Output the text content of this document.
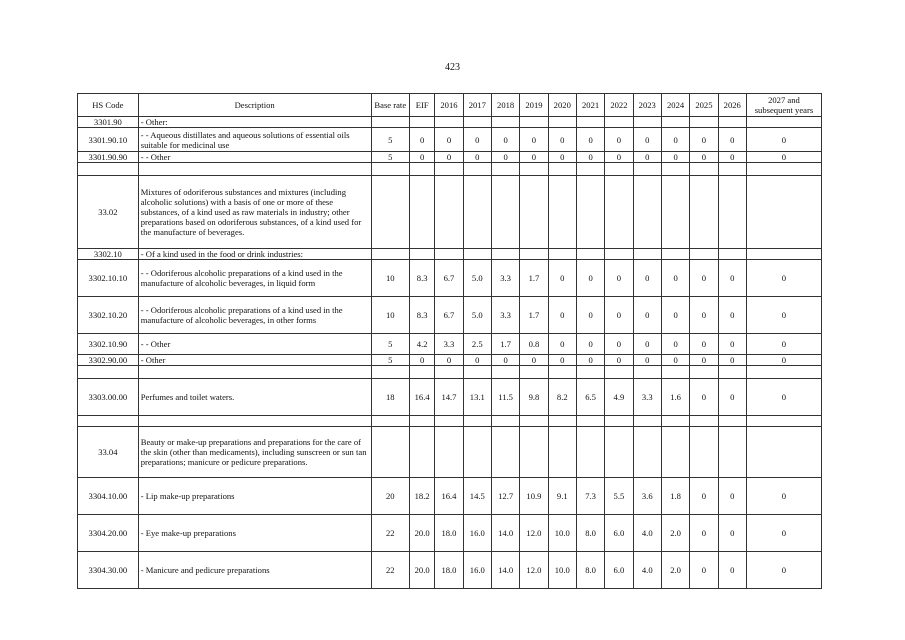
423
HS Code	Description	Base rate	EIF	2016	2017	2018	2019	2020	2021	2022	2023	2024	2025	2026	2027 and subsequent years
3301.90	- Other:														
3301.90.10	- - Aqueous distillates and aqueous solutions of essential oils suitable for medicinal use	5	0	0	0	0	0	0	0	0	0	0	0	0	0
3301.90.90	- - Other	5	0	0	0	0	0	0	0	0	0	0	0	0	0

33.02	Mixtures of odoriferous substances and mixtures (including alcoholic solutions) with a basis of one or more of these substances, of a kind used as raw materials in industry; other preparations based on odoriferous substances, of a kind used for the manufacture of beverages.														
3302.10	- Of a kind used in the food or drink industries:														
3302.10.10	- - Odoriferous alcoholic preparations of a kind used in the manufacture of alcoholic beverages, in liquid form	10	8.3	6.7	5.0	3.3	1.7	0	0	0	0	0	0	0	0
3302.10.20	- - Odoriferous alcoholic preparations of a kind used in the manufacture of alcoholic beverages, in other forms	10	8.3	6.7	5.0	3.3	1.7	0	0	0	0	0	0	0	0
3302.10.90	- - Other	5	4.2	3.3	2.5	1.7	0.8	0	0	0	0	0	0	0	0
3302.90.00	- Other	5	0	0	0	0	0	0	0	0	0	0	0	0	0

3303.00.00	Perfumes and toilet waters.	18	16.4	14.7	13.1	11.5	9.8	8.2	6.5	4.9	3.3	1.6	0	0	0

33.04	Beauty or make-up preparations and preparations for the care of the skin (other than medicaments), including sunscreen or sun tan preparations; manicure or pedicure preparations.														
3304.10.00	- Lip make-up preparations	20	18.2	16.4	14.5	12.7	10.9	9.1	7.3	5.5	3.6	1.8	0	0	0
3304.20.00	- Eye make-up preparations	22	20.0	18.0	16.0	14.0	12.0	10.0	8.0	6.0	4.0	2.0	0	0	0
3304.30.00	- Manicure and pedicure preparations	22	20.0	18.0	16.0	14.0	12.0	10.0	8.0	6.0	4.0	2.0	0	0	0
